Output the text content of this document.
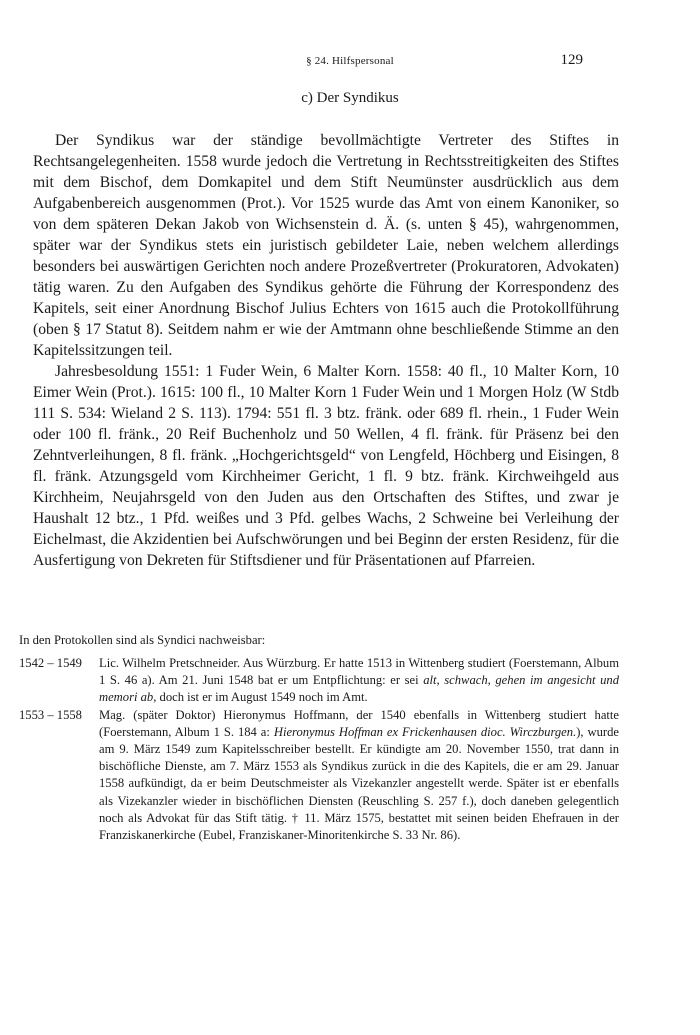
§ 24. Hilfspersonal	129
c) Der Syndikus

Der Syndikus war der ständige bevollmächtigte Vertreter des Stiftes in Rechtsangelegenheiten. 1558 wurde jedoch die Vertretung in Rechtsstreitigkeiten des Stiftes mit dem Bischof, dem Domkapitel und dem Stift Neumünster ausdrücklich aus dem Aufgabenbereich ausgenommen (Prot.). Vor 1525 wurde das Amt von einem Kanoniker, so von dem späteren Dekan Jakob von Wichsenstein d. Ä. (s. unten § 45), wahrgenommen, später war der Syndikus stets ein juristisch gebildeter Laie, neben welchem allerdings besonders bei auswärtigen Gerichten noch andere Prozeßvertreter (Prokuratoren, Advokaten) tätig waren. Zu den Aufgaben des Syndikus gehörte die Führung der Korrespondenz des Kapitels, seit einer Anordnung Bischof Julius Echters von 1615 auch die Protokollführung (oben § 17 Statut 8). Seitdem nahm er wie der Amtmann ohne beschließende Stimme an den Kapitelssitzungen teil.

Jahresbesoldung 1551: 1 Fuder Wein, 6 Malter Korn. 1558: 40 fl., 10 Malter Korn, 10 Eimer Wein (Prot.). 1615: 100 fl., 10 Malter Korn 1 Fuder Wein und 1 Morgen Holz (W Stdb 111 S. 534: Wieland 2 S. 113). 1794: 551 fl. 3 btz. fränk. oder 689 fl. rhein., 1 Fuder Wein oder 100 fl. fränk., 20 Reif Buchenholz und 50 Wellen, 4 fl. fränk. für Präsenz bei den Zehntverleihungen, 8 fl. fränk. „Hochgerichtsgeld“ von Lengfeld, Höchberg und Eisingen, 8 fl. fränk. Atzungsgeld vom Kirchheimer Gericht, 1 fl. 9 btz. fränk. Kirchweihgeld aus Kirchheim, Neujahrsgeld von den Juden aus den Ortschaften des Stiftes, und zwar je Haushalt 12 btz., 1 Pfd. weißes und 3 Pfd. gelbes Wachs, 2 Schweine bei Verleihung der Eichelmast, die Akzidentien bei Aufschwörungen und bei Beginn der ersten Residenz, für die Ausfertigung von Dekreten für Stiftsdiener und für Präsentationen auf Pfarreien.

In den Protokollen sind als Syndici nachweisbar:
1542 – 1549	Lic. Wilhelm Pretschneider. Aus Würzburg. Er hatte 1513 in Wittenberg studiert (Foerstemann, Album 1 S. 46 a). Am 21. Juni 1548 bat er um Entpflichtung: er sei alt, schwach, gehen im angesicht und memori ab, doch ist er im August 1549 noch im Amt.
1553 – 1558	Mag. (später Doktor) Hieronymus Hoffmann, der 1540 ebenfalls in Wittenberg studiert hatte (Foerstemann, Album 1 S. 184 a: Hieronymus Hoffman ex Frickenhausen dioc. Wirczburgen.), wurde am 9. März 1549 zum Kapitelsschreiber bestellt. Er kündigte am 20. November 1550, trat dann in bischöfliche Dienste, am 7. März 1553 als Syndikus zurück in die des Kapitels, die er am 29. Januar 1558 aufkündigt, da er beim Deutschmeister als Vizekanzler angestellt werde. Später ist er ebenfalls als Vizekanzler wieder in bischöflichen Diensten (Reuschling S. 257 f.), doch daneben gelegentlich noch als Advokat für das Stift tätig. † 11. März 1575, bestattet mit seinen beiden Ehefrauen in der Franziskanerkirche (Eubel, Franziskaner-Minoritenkirche S. 33 Nr. 86).
